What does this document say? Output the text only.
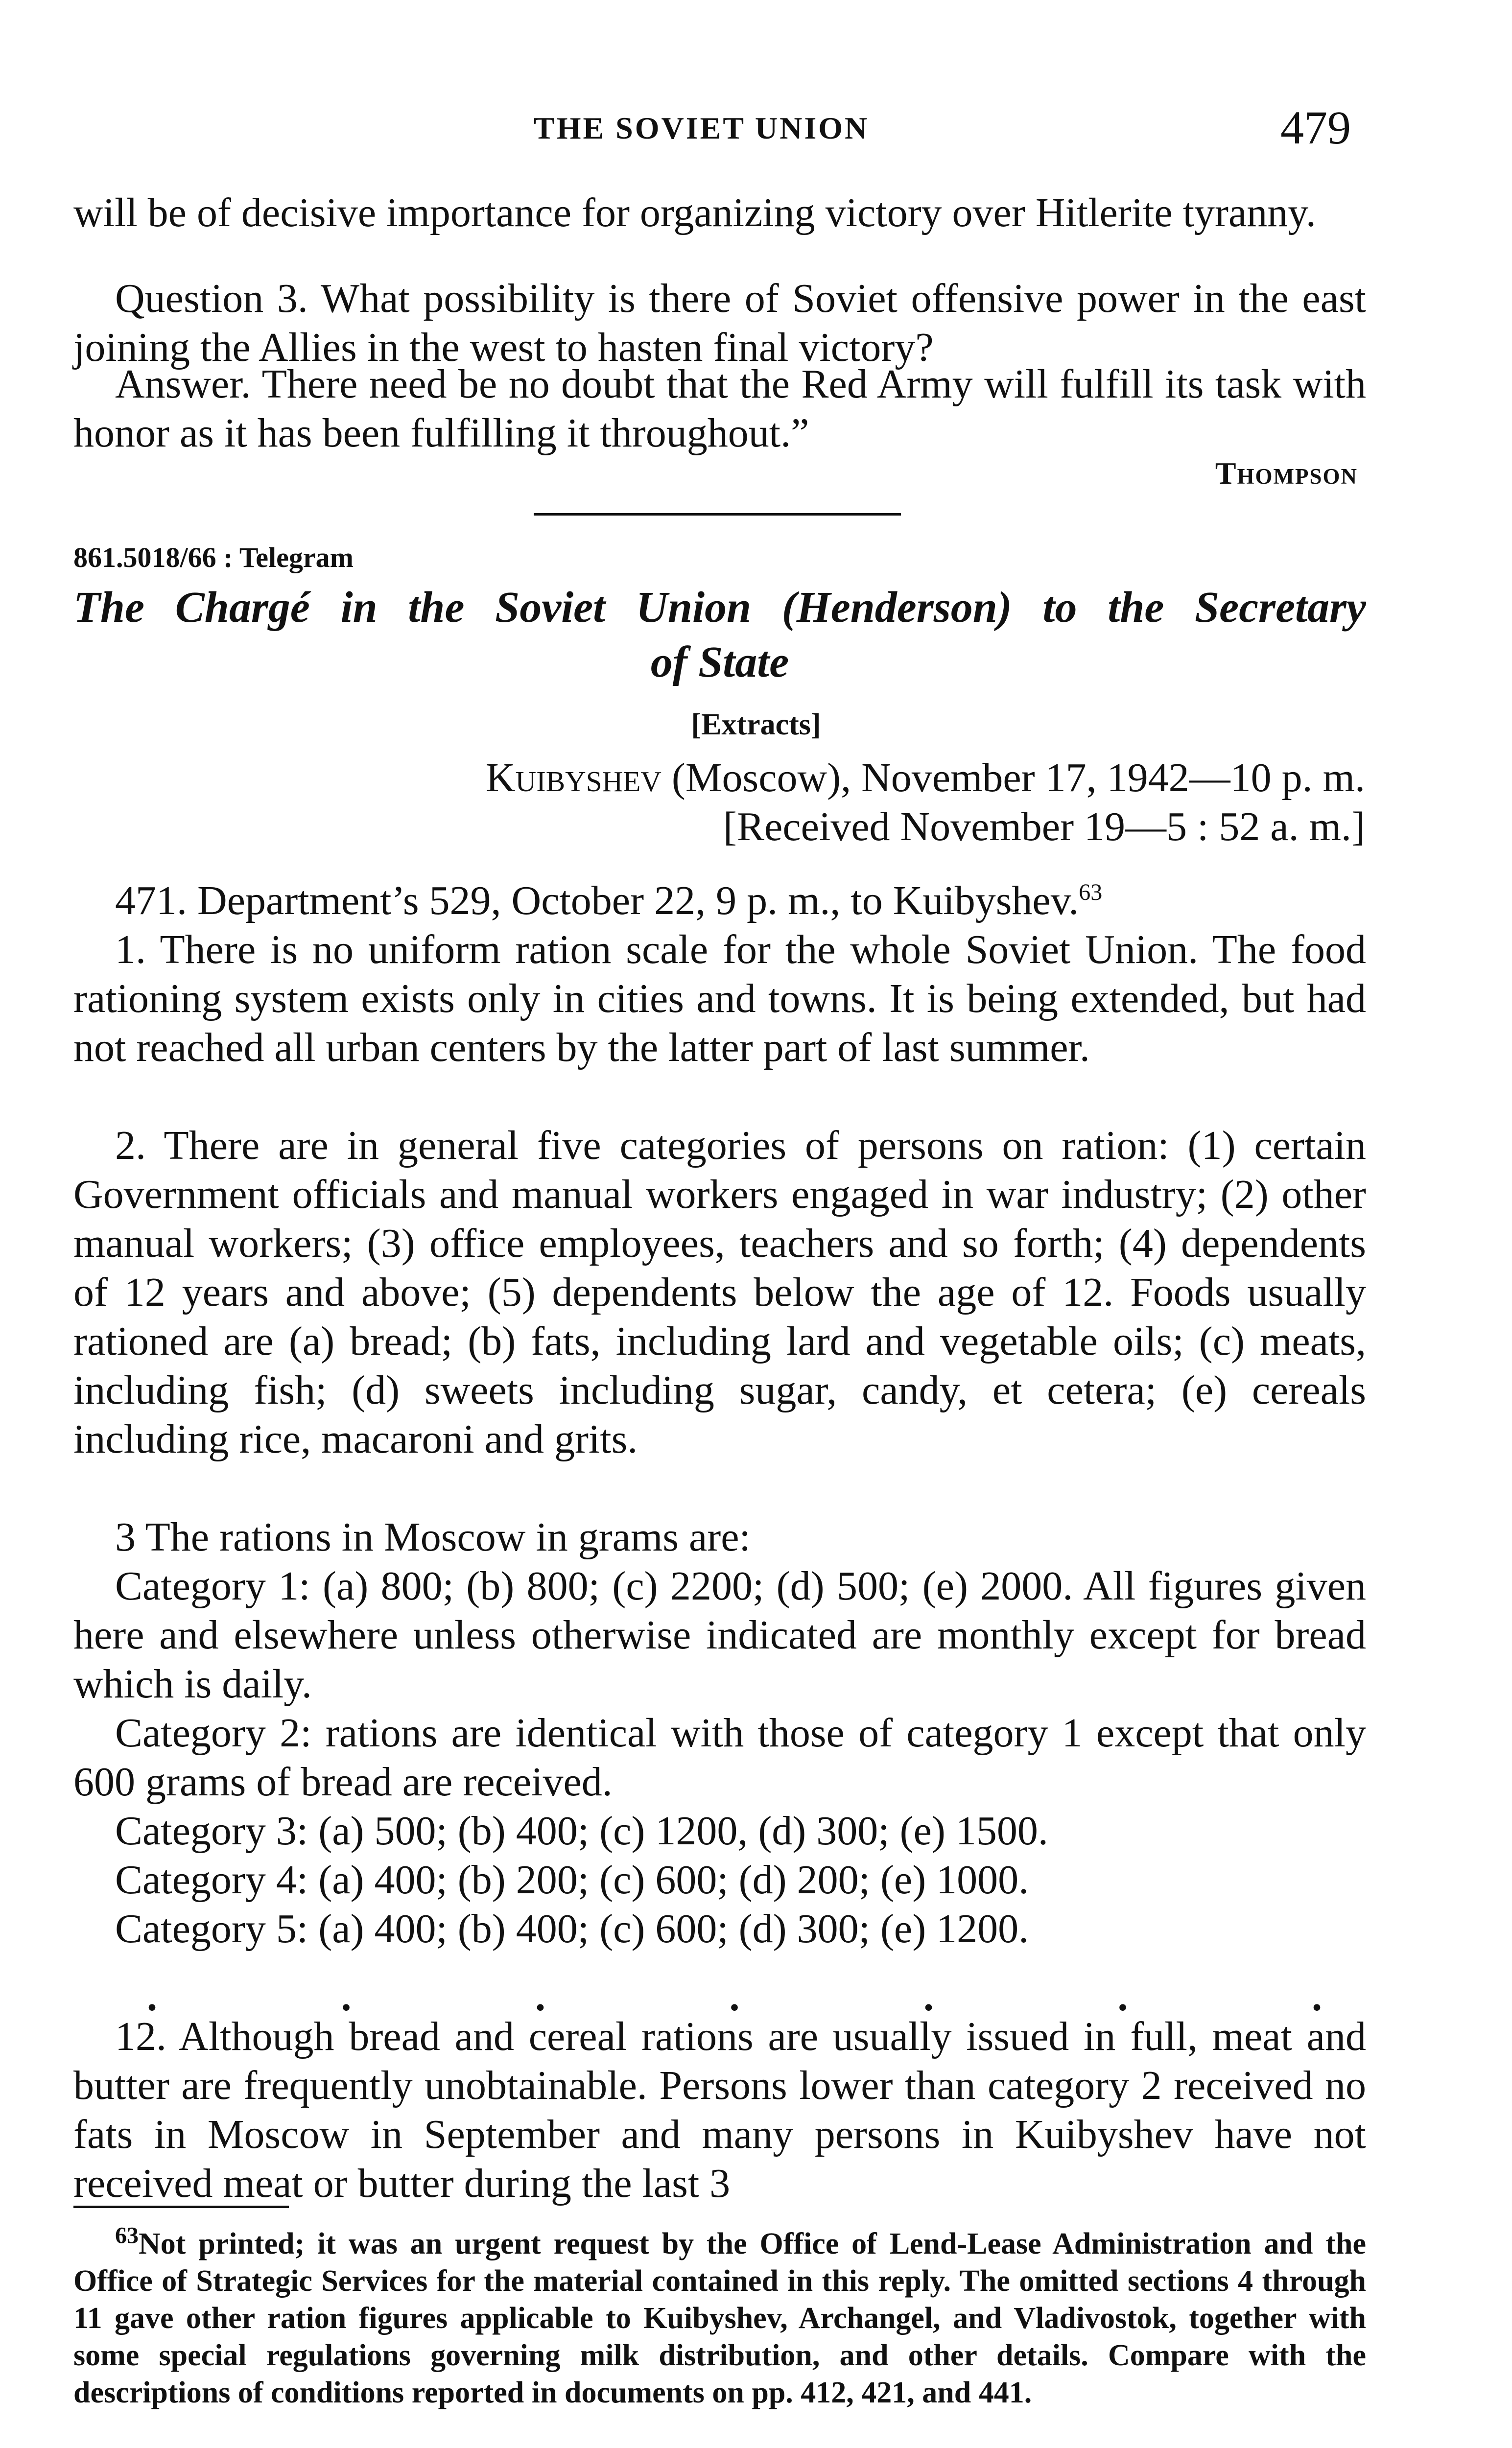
THE SOVIET UNION	479
will be of decisive importance for organizing victory over Hitlerite tyranny.
Question 3. What possibility is there of Soviet offensive power in the east joining the Allies in the west to hasten final victory?
Answer. There need be no doubt that the Red Army will fulfill its task with honor as it has been fulfilling it throughout.”
Thompson
861.5018/66 : Telegram
The Chargé in the Soviet Union (Henderson) to the Secretary
of State
[Extracts]
Kuibyshev (Moscow), November 17, 1942—10 p. m.
[Received November 19—5 : 52 a. m.]
471. Department’s 529, October 22, 9 p. m., to Kuibyshev.$^{63}$
1. There is no uniform ration scale for the whole Soviet Union. The food rationing system exists only in cities and towns. It is being extended, but had not reached all urban centers by the latter part of last summer.
2. There are in general five categories of persons on ration: (1) certain Government officials and manual workers engaged in war industry; (2) other manual workers; (3) office employees, teachers and so forth; (4) dependents of 12 years and above; (5) dependents below the age of 12. Foods usually rationed are (a) bread; (b) fats, including lard and vegetable oils; (c) meats, including fish; (d) sweets including sugar, candy, et cetera; (e) cereals including rice, macaroni and grits.
3 The rations in Moscow in grams are:
Category 1: (a) 800; (b) 800; (c) 2200; (d) 500; (e) 2000. All figures given here and elsewhere unless otherwise indicated are monthly except for bread which is daily.
Category 2: rations are identical with those of category 1 except that only 600 grams of bread are received.
Category 3: (a) 500; (b) 400; (c) 1200, (d) 300; (e) 1500.
Category 4: (a) 400; (b) 200; (c) 600; (d) 200; (e) 1000.
Category 5: (a) 400; (b) 400; (c) 600; (d) 300; (e) 1200.
.	.	.	.	.	.	.
12. Although bread and cereal rations are usually issued in full, meat and butter are frequently unobtainable. Persons lower than category 2 received no fats in Moscow in September and many persons in Kuibyshev have not received meat or butter during the last 3
$^{63}$Not printed; it was an urgent request by the Office of Lend-Lease Administration and the Office of Strategic Services for the material contained in this reply. The omitted sections 4 through 11 gave other ration figures applicable to Kuibyshev, Archangel, and Vladivostok, together with some special regulations governing milk distribution, and other details. Compare with the descriptions of conditions reported in documents on pp. 412, 421, and 441.
